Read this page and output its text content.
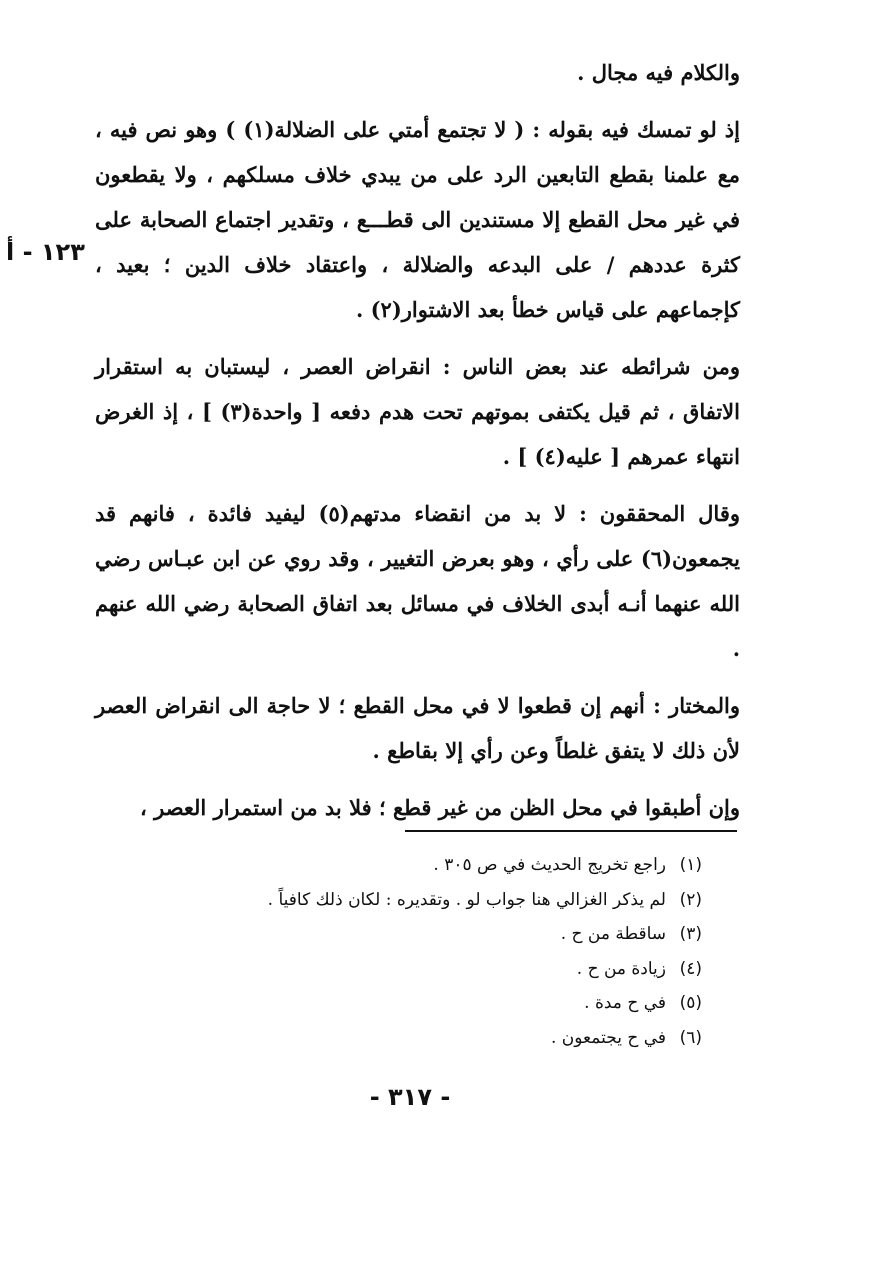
والكلام فيه مجال .

إذ لو تمسك فيه بقوله : ( لا تجتمع أمتي على الضلالة(١) ) وهو نص فيه ، مع علمنا بقطع التابعين الرد على من يبدي خلاف مسلكهم ، ولا يقطعون في غير محل القطع إلا مستندين الى قطـــع ، وتقدير اجتماع الصحابة على كثرة عددهم / على البدعه والضلالة ، واعتقاد خلاف الدين ؛ بعيد ، كإجماعهم على قياس خطأ بعد الاشتوار(٢) .

ومن شرائطه عند بعض الناس : انقراض العصر ، ليستبان به استقرار الاتفاق ، ثم قيل يكتفى بموتهم تحت هدم دفعه [ واحدة(٣) ] ، إذ الغرض انتهاء عمرهم [ عليه(٤) ] .

وقال المحققون : لا بد من انقضاء مدتهم(٥) ليفيد فائدة ، فانهم قد يجمعون(٦) على رأي ، وهو بعرض التغيير ، وقد روي عن ابن عبـاس رضي الله عنهما أنـه أبدى الخلاف في مسائل بعد اتفاق الصحابة رضي الله عنهم .

والمختار : أنهم إن قطعوا لا في محل القطع ؛ لا حاجة الى انقراض العصر لأن ذلك لا يتفق غلطاً وعن رأي إلا بقاطع .

وإن أطبقوا في محل الظن من غير قطع ؛ فلا بد من استمرار العصر ،

١٢٣ - أ
(١)راجع تخريج الحديث في ص ٣٠٥ .
(٢)لم يذكر الغزالي هنا جواب لو . وتقديره : لكان ذلك كافياً .
(٣)ساقطة من ح .
(٤)زيادة من ح .
(٥)في ح مدة .
(٦)في ح يجتمعون .
- ٣١٧ -
